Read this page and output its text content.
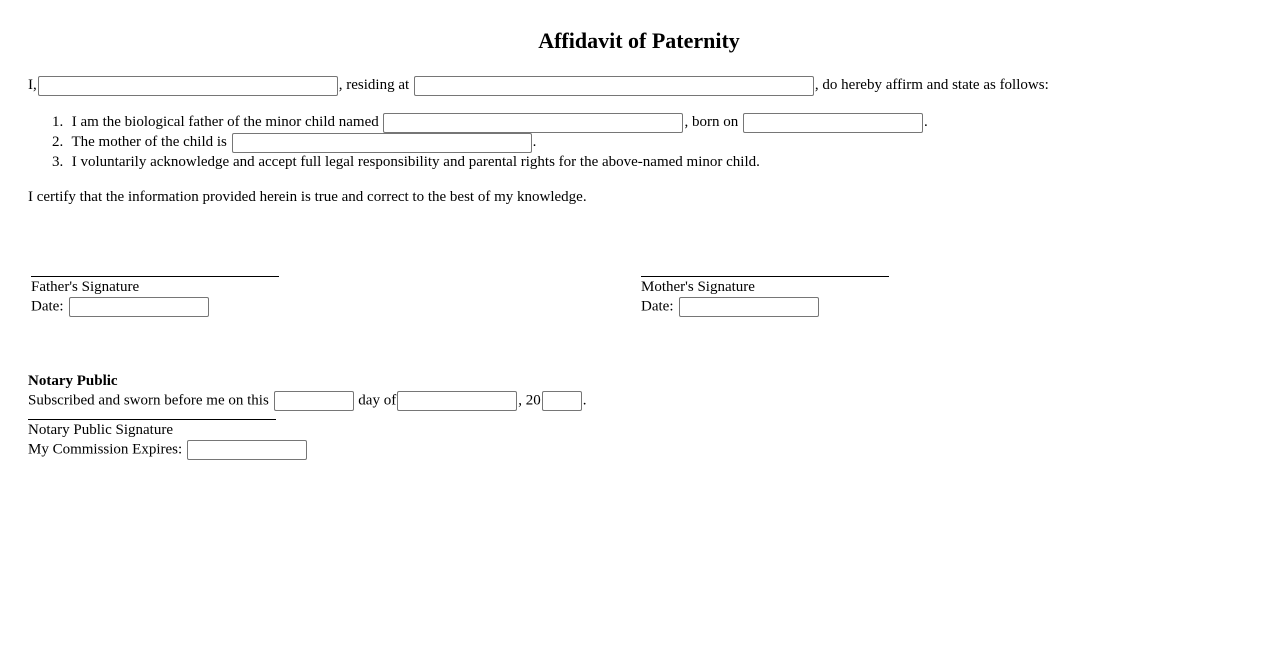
Affidavit of Paternity
I,	, residing at	, do hereby affirm and state as follows:
1. I am the biological father of the minor child named	, born on	.
2. The mother of the child is	.
3. I voluntarily acknowledge and accept full legal responsibility and parental rights for the above-named minor child.
I certify that the information provided herein is true and correct to the best of my knowledge.
Father's Signature
Date:
Mother's Signature
Date:
Notary Public
Subscribed and sworn before me on this	day of	, 20	.
Notary Public Signature
My Commission Expires:
